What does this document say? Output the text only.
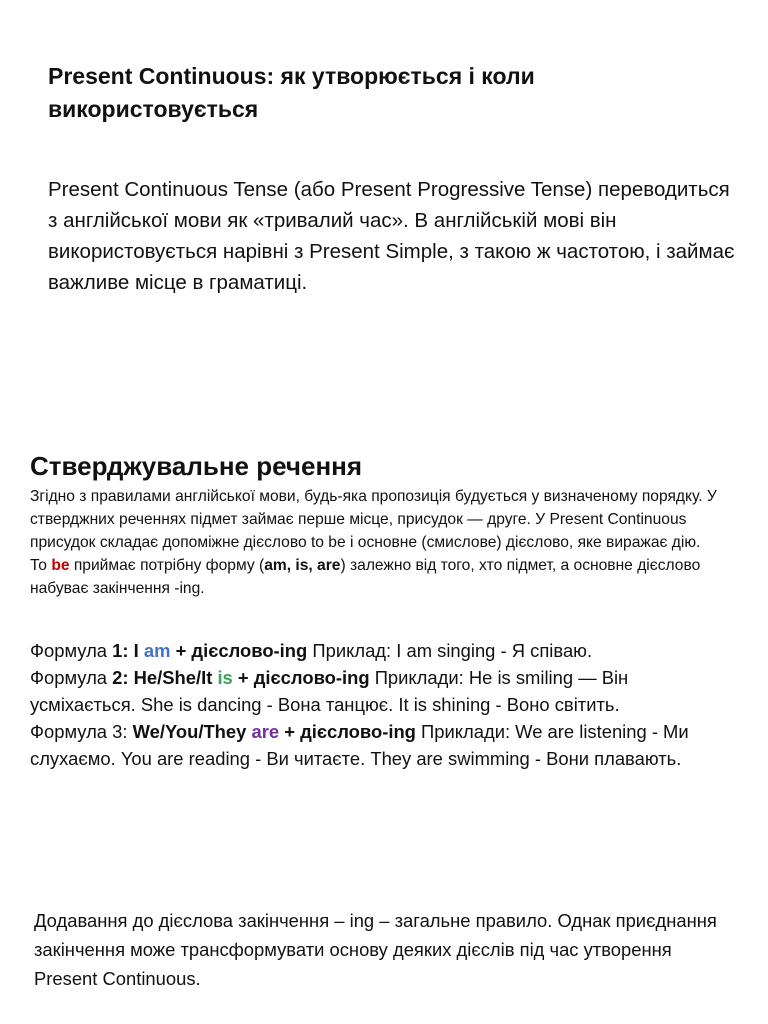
Present Continuous: як утворюється і коли використовується

Present Continuous Tense (або Present Progressive Tense) переводиться з англійської мови як «тривалий час». В англійській мові він використовується нарівні з Present Simple, з такою ж частотою, і займає важливе місце в граматиці.

Стверджувальне речення

Згідно з правилами англійської мови, будь-яка пропозиція будується у визначеному порядку. У стверджних реченнях підмет займає перше місце, присудок — друге. У Present Continuous присудок складає допоміжне дієслово to be і основне (смислове) дієслово, яке виражає дію. То be приймає потрібну форму (am, is, are) залежно від того, хто підмет, а основне дієслово набуває закінчення -ing.

Формула 1: I am + дієслово-ing Приклад: I am singing - Я співаю.
Формула 2: He/She/It is + дієслово-ing Приклади: He is smiling — Він усміхається. She is dancing - Вона танцює. It is shining - Воно світить.
Формула 3: We/You/They are + дієслово-ing Приклади: We are listening - Ми слухаємо. You are reading - Ви читаєте. They are swimming - Вони плавають.

Додавання до дієслова закінчення – ing – загальне правило. Однак приєднання закінчення може трансформувати основу деяких дієслів під час утворення Present Continuous.
